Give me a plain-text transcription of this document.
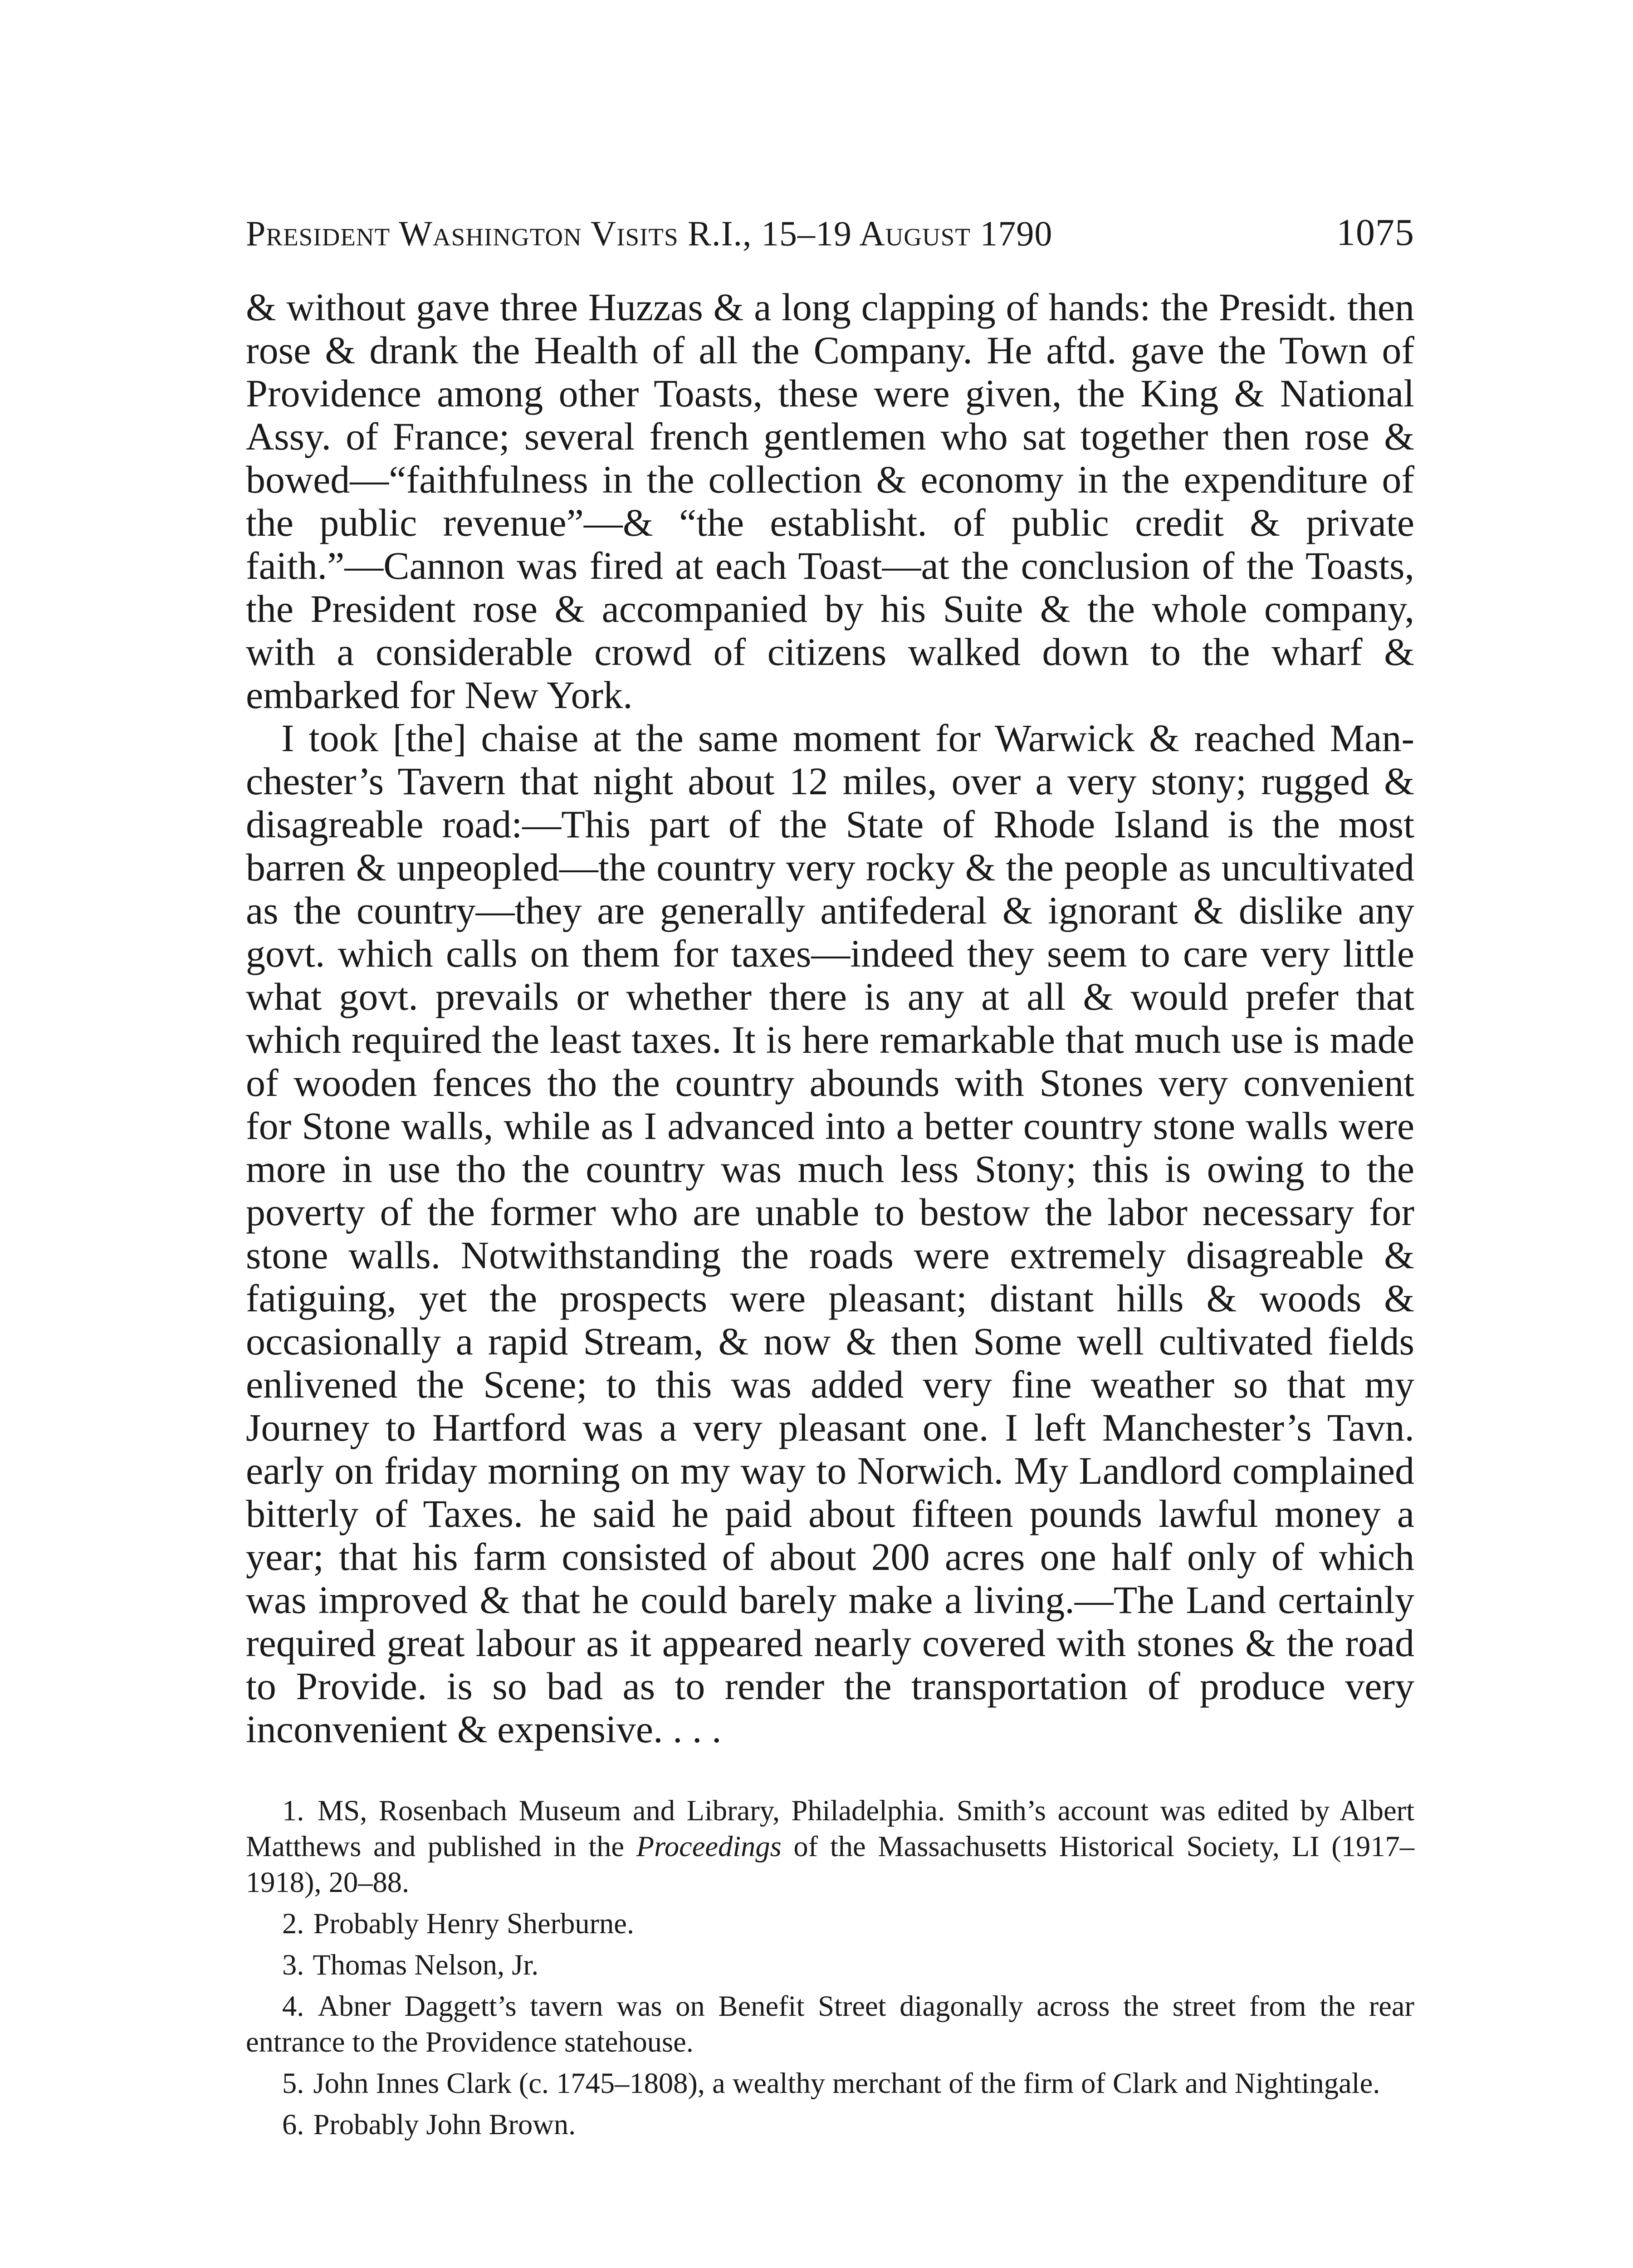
President Washington Visits R.I., 15–19 August 1790	1075

& without gave three Huzzas & a long clapping of hands: the Presidt. then rose & drank the Health of all the Company. He aftd. gave the Town of Providence among other Toasts, these were given, the King & National Assy. of France; several french gentlemen who sat together then rose & bowed—“faithfulness in the collection & economy in the expenditure of the public revenue”—& “the establisht. of public credit & private faith.”—Cannon was fired at each Toast—at the conclusion of the Toasts, the President rose & accompanied by his Suite & the whole company, with a considerable crowd of citizens walked down to the wharf & embarked for New York.

I took [the] chaise at the same moment for Warwick & reached Manchester’s Tavern that night about 12 miles, over a very stony; rugged & disagreable road:—This part of the State of Rhode Island is the most barren & unpeopled—the country very rocky & the people as uncultivated as the country—they are generally antifederal & ignorant & dislike any govt. which calls on them for taxes—indeed they seem to care very little what govt. prevails or whether there is any at all & would prefer that which required the least taxes. It is here remarkable that much use is made of wooden fences tho the country abounds with Stones very convenient for Stone walls, while as I advanced into a better country stone walls were more in use tho the country was much less Stony; this is owing to the poverty of the former who are unable to bestow the labor necessary for stone walls. Notwithstanding the roads were extremely disagreable & fatiguing, yet the prospects were pleasant; distant hills & woods & occasionally a rapid Stream, & now & then Some well cultivated fields enlivened the Scene; to this was added very fine weather so that my Journey to Hartford was a very pleasant one. I left Manchester’s Tavn. early on friday morning on my way to Norwich. My Landlord complained bitterly of Taxes. he said he paid about fifteen pounds lawful money a year; that his farm consisted of about 200 acres one half only of which was improved & that he could barely make a living.—The Land certainly required great labour as it appeared nearly covered with stones & the road to Provide. is so bad as to render the transportation of produce very inconvenient & expensive. . . .

1. MS, Rosenbach Museum and Library, Philadelphia. Smith’s account was edited by Albert Matthews and published in the Proceedings of the Massachusetts Historical Society, LI (1917–1918), 20–88.

2. Probably Henry Sherburne.

3. Thomas Nelson, Jr.

4. Abner Daggett’s tavern was on Benefit Street diagonally across the street from the rear entrance to the Providence statehouse.

5. John Innes Clark (c. 1745–1808), a wealthy merchant of the firm of Clark and Nightingale.

6. Probably John Brown.
